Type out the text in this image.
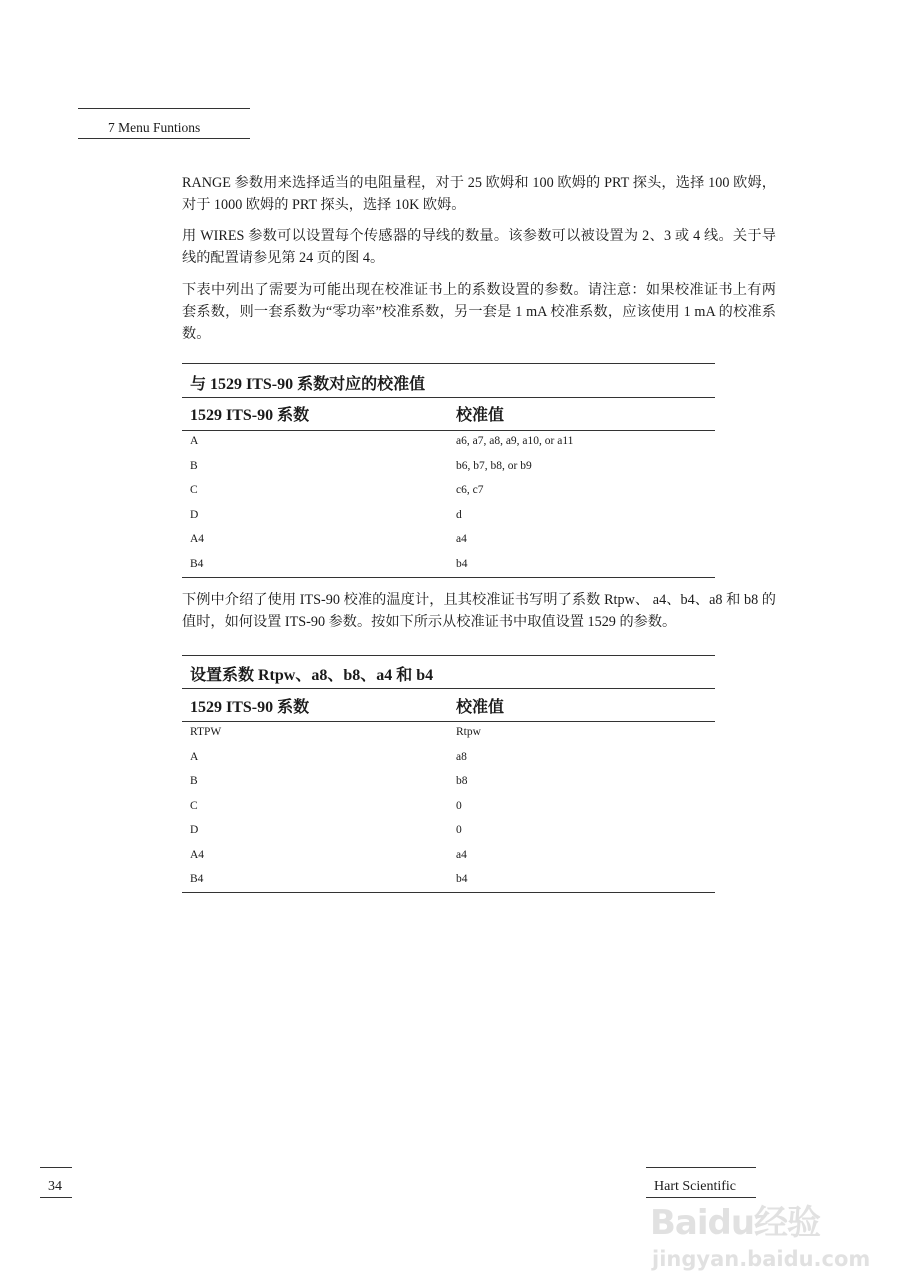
7 Menu Funtions

RANGE 参数用来选择适当的电阻量程，对于 25 欧姆和 100 欧姆的 PRT 探头，选择 100 欧姆，对于 1000 欧姆的 PRT 探头，选择 10K 欧姆。

用 WIRES 参数可以设置每个传感器的导线的数量。该参数可以被设置为 2、3 或 4 线。关于导线的配置请参见第 24 页的图 4。

下表中列出了需要为可能出现在校准证书上的系数设置的参数。请注意：如果校准证书上有两套系数，则一套系数为“零功率”校准系数，另一套是 1 mA 校准系数，应该使用 1 mA 的校准系数。

与 1529 ITS-90 系数对应的校准值
1529 ITS-90 系数	校准值
A	a6, a7, a8, a9, a10, or a11
B	b6, b7, b8, or b9
C	c6, c7
D	d
A4	a4
B4	b4

下例中介绍了使用 ITS-90 校准的温度计，且其校准证书写明了系数 Rtpw、 a4、b4、a8 和 b8 的值时，如何设置 ITS-90 参数。按如下所示从校准证书中取值设置 1529 的参数。

设置系数 Rtpw、a8、b8、a4 和 b4
1529 ITS-90 系数	校准值
RTPW	Rtpw
A	a8
B	b8
C	0
D	0
A4	a4
B4	b4
34	Hart Scientific
Baidu经验
jingyan.baidu.com
